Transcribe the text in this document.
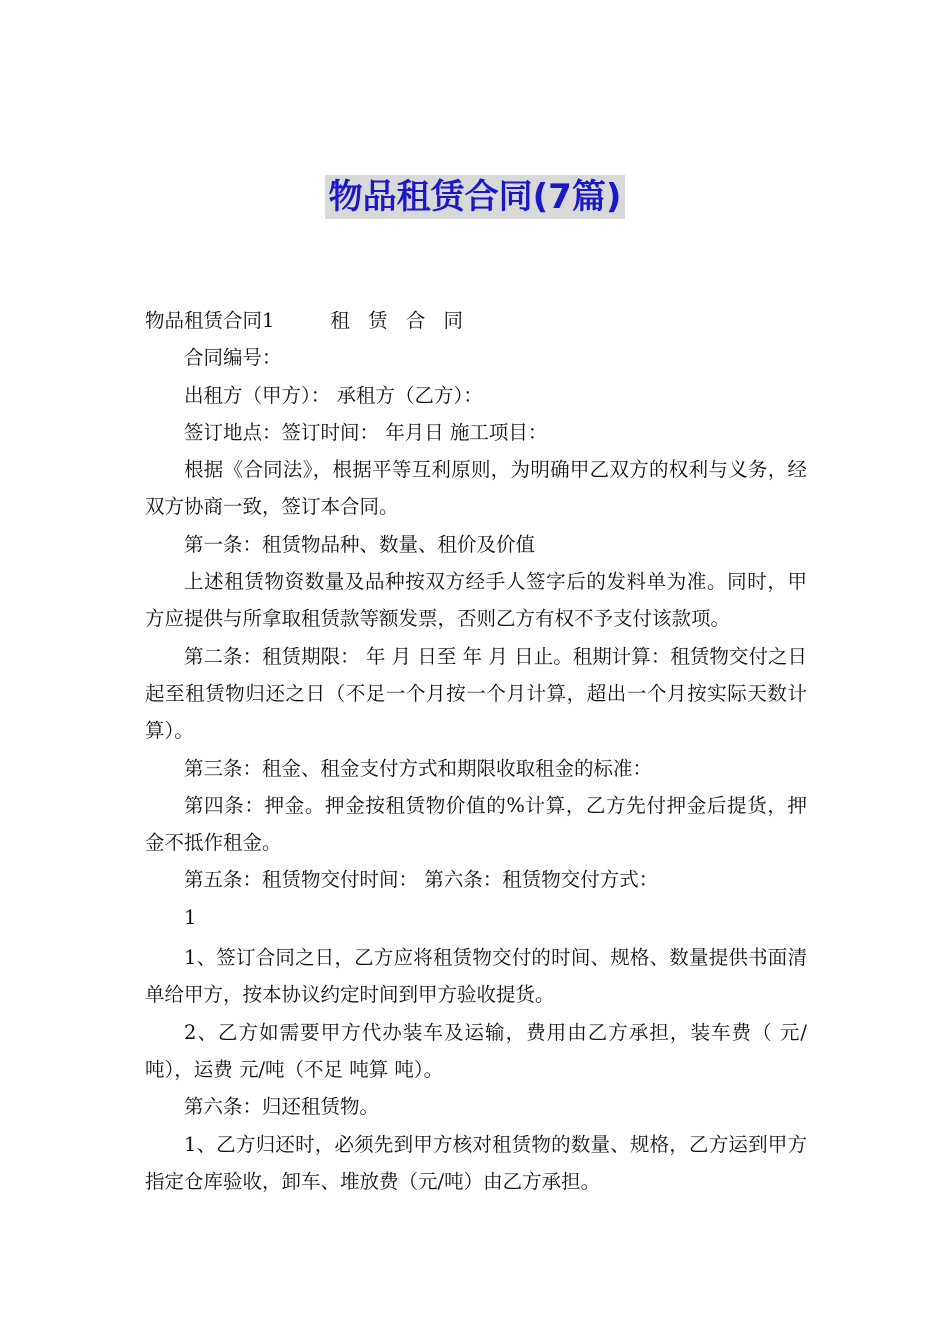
物品租赁合同(7篇)

物品租赁合同1	租 赁 合 同

合同编号：

出租方（甲方）： 承租方（乙方）：

签订地点：签订时间： 年月日 施工项目：

根据《合同法》，根据平等互利原则，为明确甲乙双方的权利与义务，经双方协商一致，签订本合同。

第一条：租赁物品种、数量、租价及价值

上述租赁物资数量及品种按双方经手人签字后的发料单为准。同时，甲方应提供与所拿取租赁款等额发票，否则乙方有权不予支付该款项。

第二条：租赁期限： 年 月 日至 年 月 日止。租期计算：租赁物交付之日起至租赁物归还之日（不足一个月按一个月计算，超出一个月按实际天数计算）。

第三条：租金、租金支付方式和期限收取租金的标准：

第四条：押金。押金按租赁物价值的%计算，乙方先付押金后提货，押金不抵作租金。

第五条：租赁物交付时间： 第六条：租赁物交付方式：

1

1、签订合同之日，乙方应将租赁物交付的时间、规格、数量提供书面清单给甲方，按本协议约定时间到甲方验收提货。

2、乙方如需要甲方代办装车及运输，费用由乙方承担，装车费（ 元/吨），运费 元/吨（不足 吨算 吨）。

第六条：归还租赁物。

1、乙方归还时，必须先到甲方核对租赁物的数量、规格，乙方运到甲方指定仓库验收，卸车、堆放费（元/吨）由乙方承担。
